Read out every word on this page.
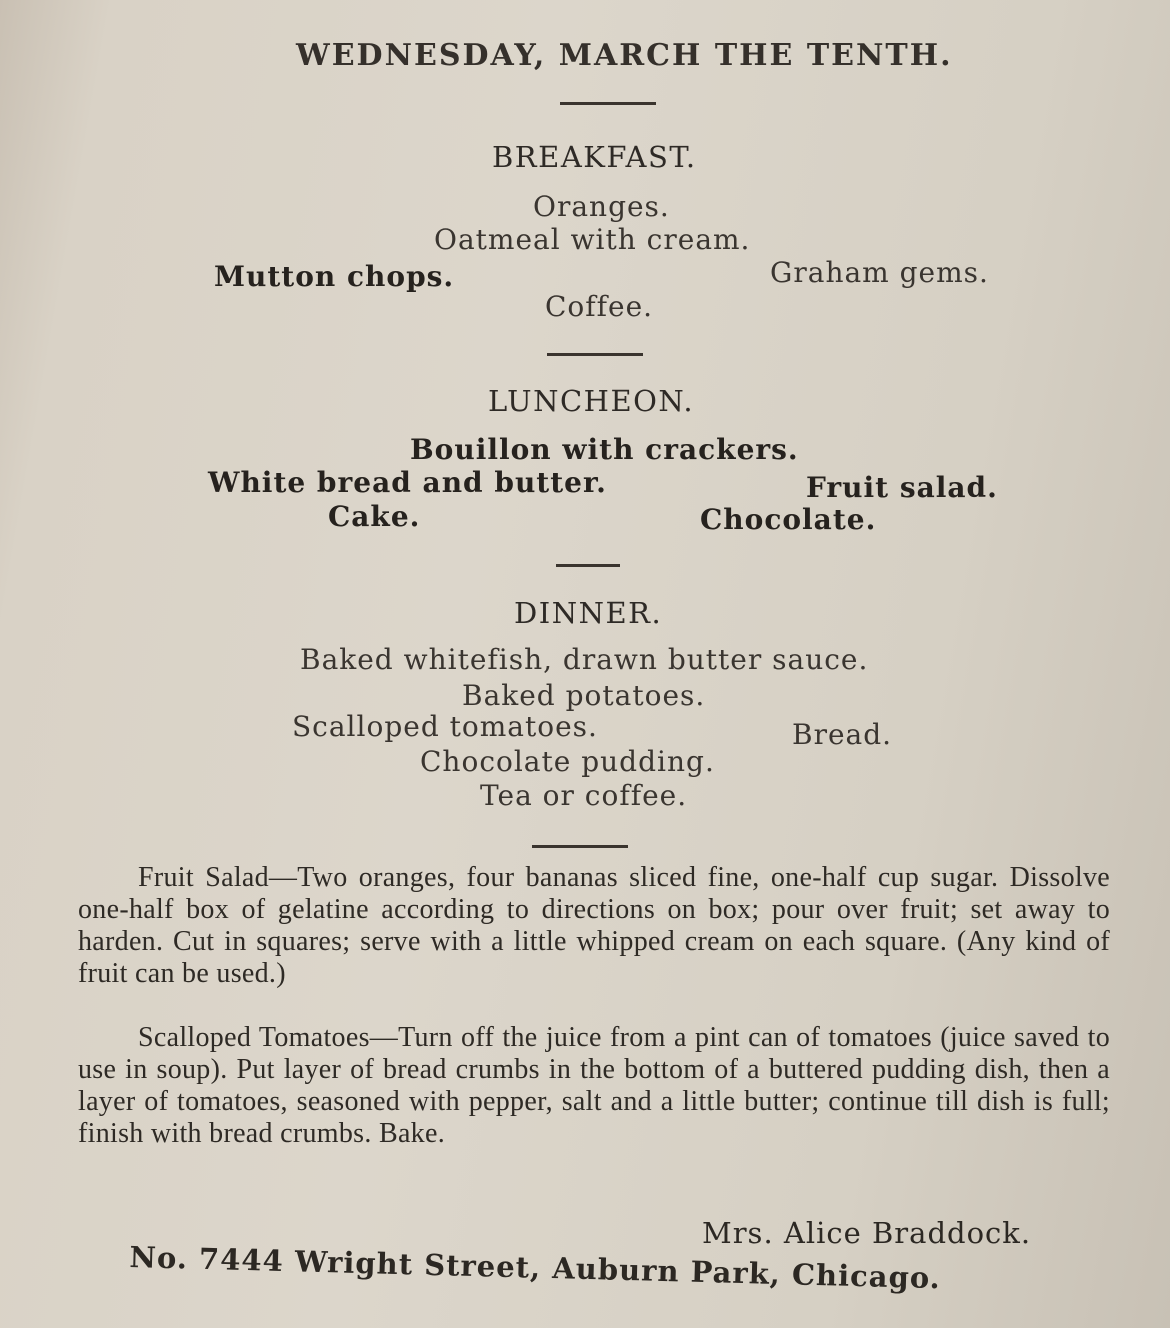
WEDNESDAY, MARCH THE TENTH.
BREAKFAST.
Oranges.
Oatmeal with cream.
Mutton chops.	Graham gems.
Coffee.
LUNCHEON.
Bouillon with crackers.
White bread and butter.	Fruit salad.
Cake.	Chocolate.
DINNER.
Baked whitefish, drawn butter sauce.
Baked potatoes.
Scalloped tomatoes.	Bread.
Chocolate pudding.
Tea or coffee.
Fruit Salad—Two oranges, four bananas sliced fine, one-half cup sugar. Dissolve one-half box of gelatine according to directions on box; pour over fruit; set away to harden. Cut in squares; serve with a little whipped cream on each square. (Any kind of fruit can be used.)
Scalloped Tomatoes—Turn off the juice from a pint can of tomatoes (juice saved to use in soup). Put layer of bread crumbs in the bottom of a buttered pudding dish, then a layer of tomatoes, seasoned with pepper, salt and a little butter; continue till dish is full; finish with bread crumbs. Bake.
Mrs. Alice Braddock.
No. 7444 Wright Street, Auburn Park, Chicago.
